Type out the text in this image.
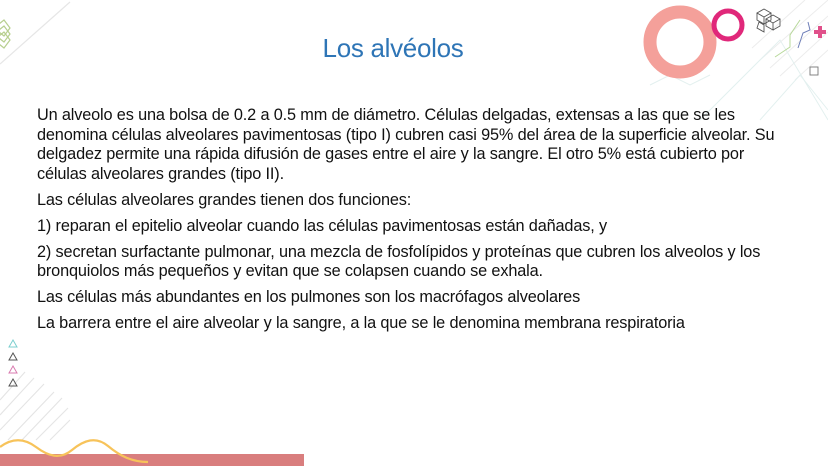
Los alvéolos

Un alveolo es una bolsa de 0.2 a 0.5 mm de diámetro. Células delgadas, extensas a las que se les denomina células alveolares pavimentosas (tipo I) cubren casi 95% del área de la superficie alveolar. Su delgadez permite una rápida difusión de gases entre el aire y la sangre. El otro 5% está cubierto por células alveolares grandes (tipo II).

Las células alveolares grandes tienen dos funciones:

1) reparan el epitelio alveolar cuando las células pavimentosas están dañadas, y

2) secretan surfactante pulmonar, una mezcla de fosfolípidos y proteínas que cubren los alveolos y los bronquiolos más pequeños y evitan que se colapsen cuando se exhala.

Las células más abundantes en los pulmones son los macrófagos alveolares

La barrera entre el aire alveolar y la sangre, a la que se le denomina membrana respiratoria
